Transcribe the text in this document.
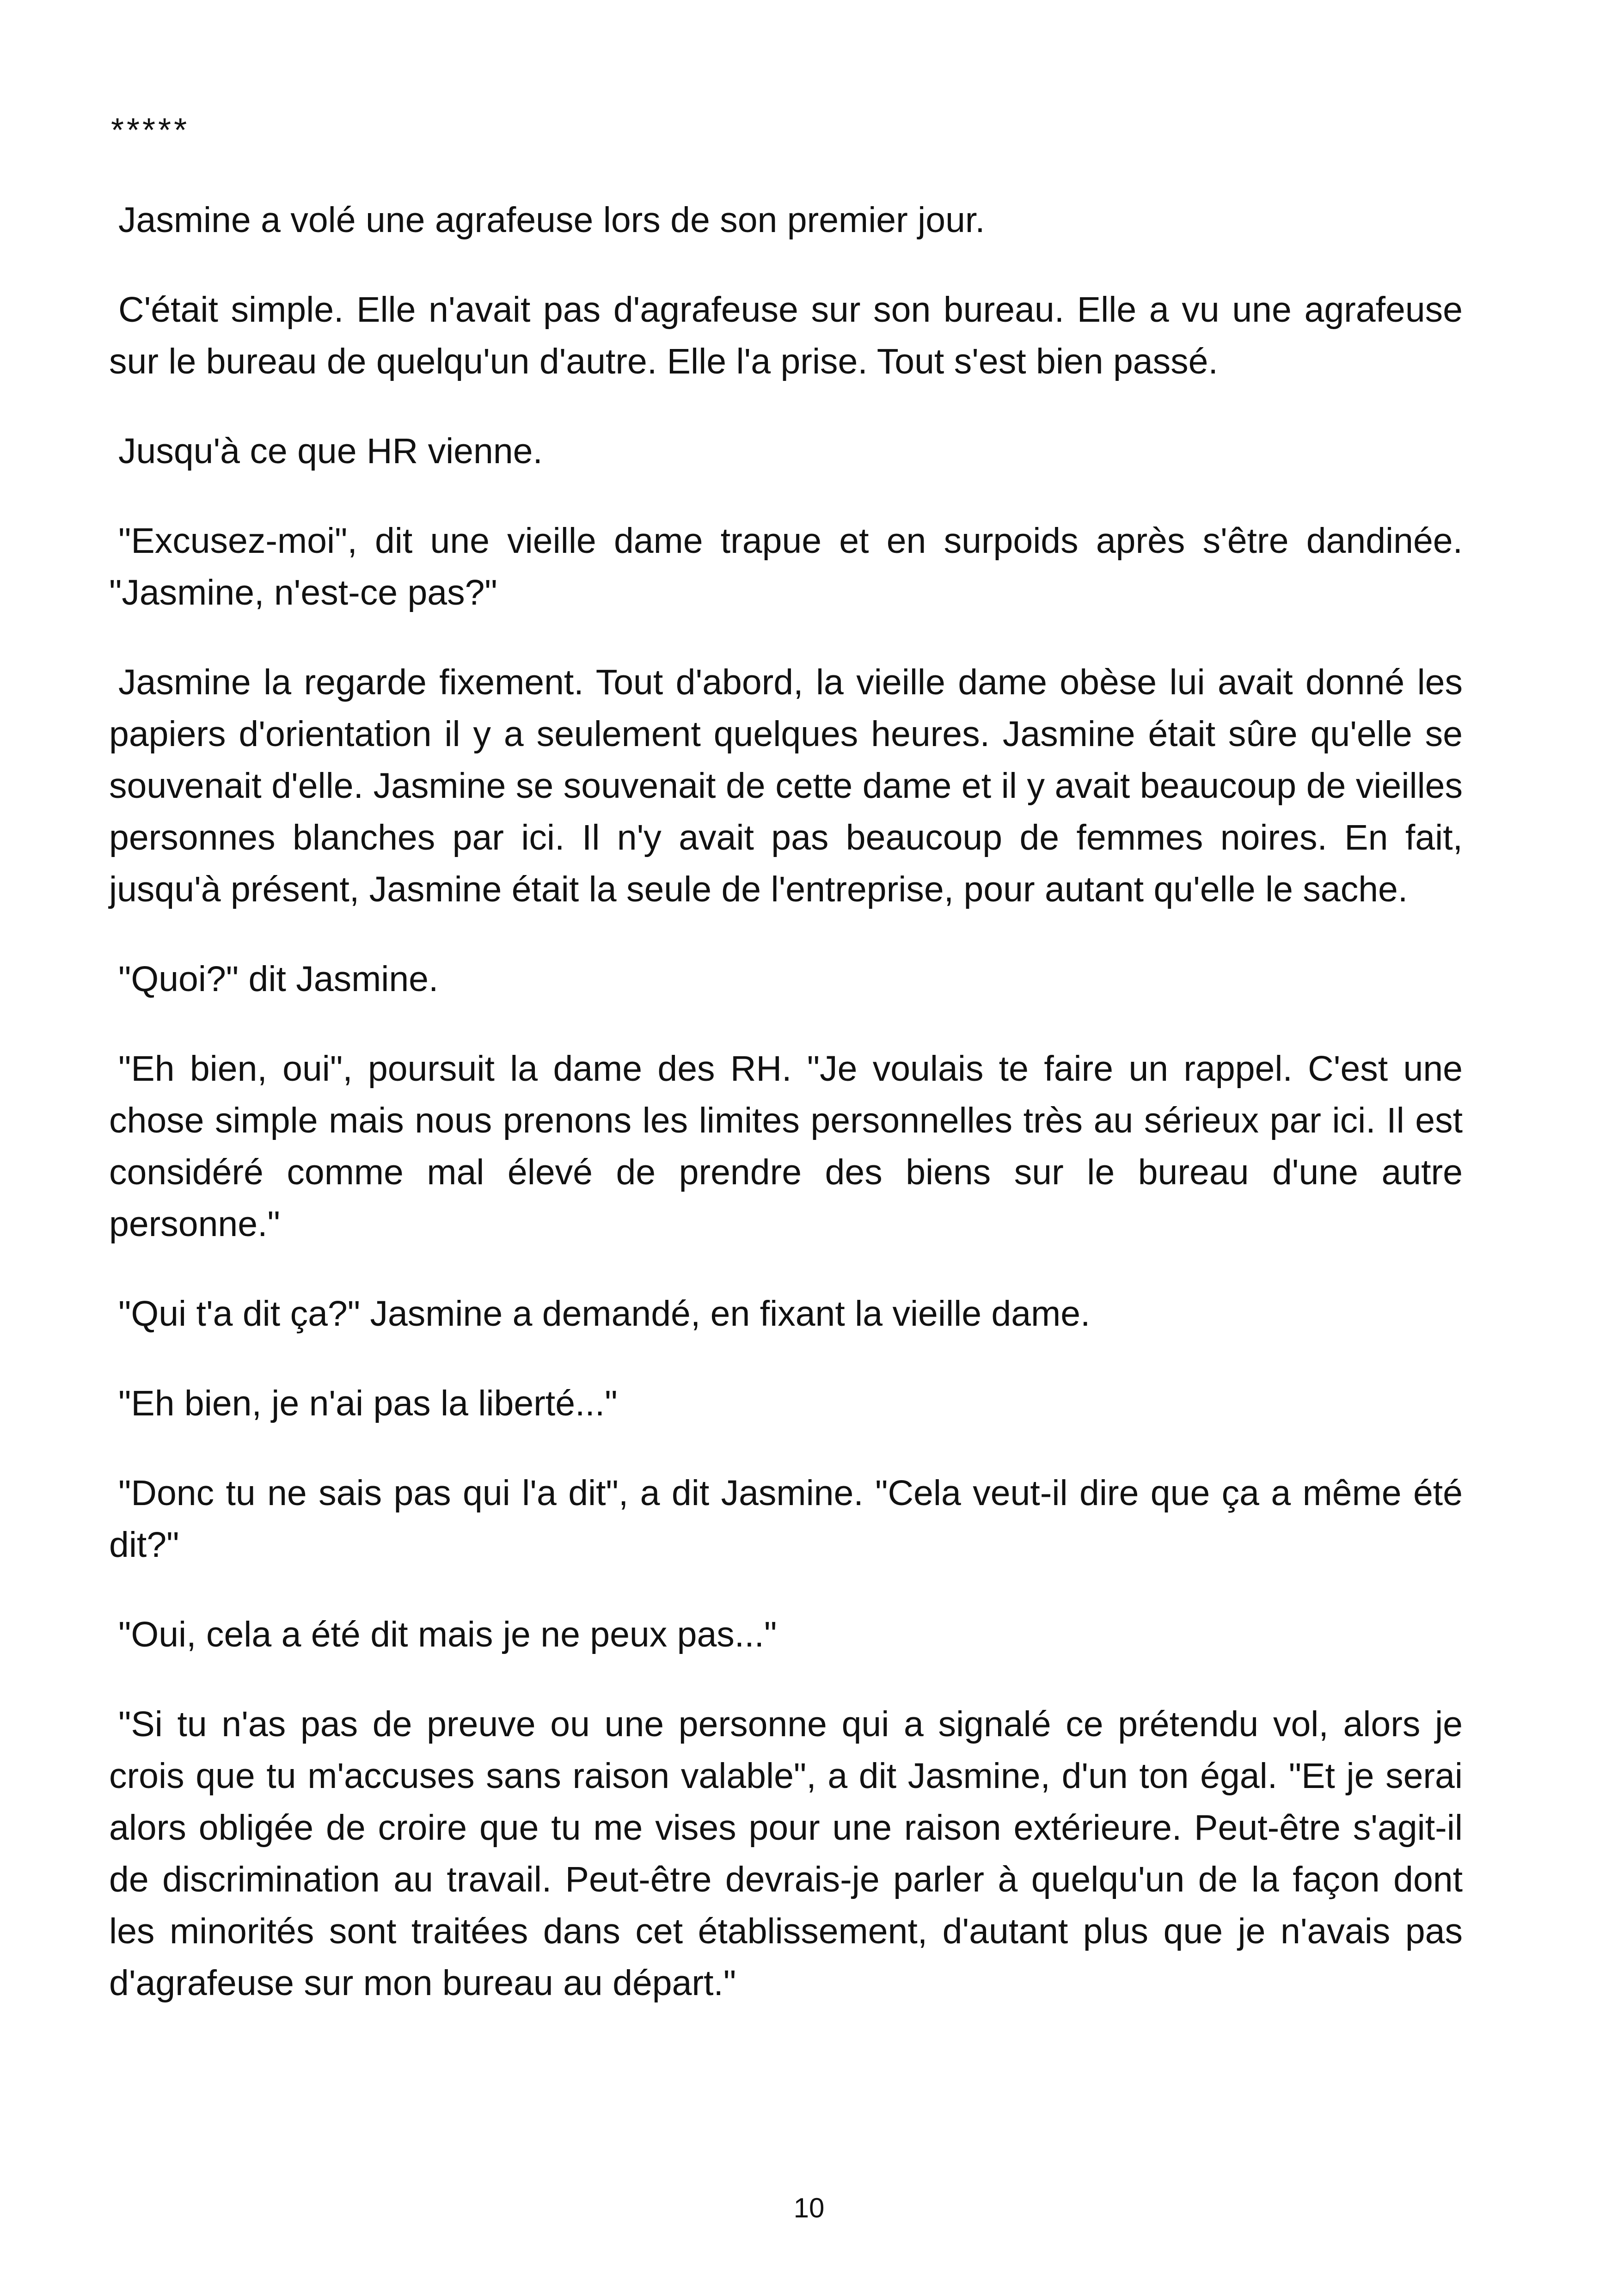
*****

Jasmine a volé une agrafeuse lors de son premier jour.

C'était simple. Elle n'avait pas d'agrafeuse sur son bureau. Elle a vu une agrafeuse sur le bureau de quelqu'un d'autre. Elle l'a prise. Tout s'est bien passé.

Jusqu'à ce que HR vienne.

"Excusez-moi", dit une vieille dame trapue et en surpoids après s'être dandinée. "Jasmine, n'est-ce pas?"

Jasmine la regarde fixement. Tout d'abord, la vieille dame obèse lui avait donné les papiers d'orientation il y a seulement quelques heures. Jasmine était sûre qu'elle se souvenait d'elle. Jasmine se souvenait de cette dame et il y avait beaucoup de vieilles personnes blanches par ici. Il n'y avait pas beaucoup de femmes noires. En fait, jusqu'à présent, Jasmine était la seule de l'entreprise, pour autant qu'elle le sache.

"Quoi?" dit Jasmine.

"Eh bien, oui", poursuit la dame des RH. "Je voulais te faire un rappel. C'est une chose simple mais nous prenons les limites personnelles très au sérieux par ici. Il est considéré comme mal élevé de prendre des biens sur le bureau d'une autre personne."

"Qui t'a dit ça?" Jasmine a demandé, en fixant la vieille dame.

"Eh bien, je n'ai pas la liberté..."

"Donc tu ne sais pas qui l'a dit", a dit Jasmine. "Cela veut-il dire que ça a même été dit?"

"Oui, cela a été dit mais je ne peux pas..."

"Si tu n'as pas de preuve ou une personne qui a signalé ce prétendu vol, alors je crois que tu m'accuses sans raison valable", a dit Jasmine, d'un ton égal. "Et je serai alors obligée de croire que tu me vises pour une raison extérieure. Peut-être s'agit-il de discrimination au travail. Peut-être devrais-je parler à quelqu'un de la façon dont les minorités sont traitées dans cet établissement, d'autant plus que je n'avais pas d'agrafeuse sur mon bureau au départ."

10
